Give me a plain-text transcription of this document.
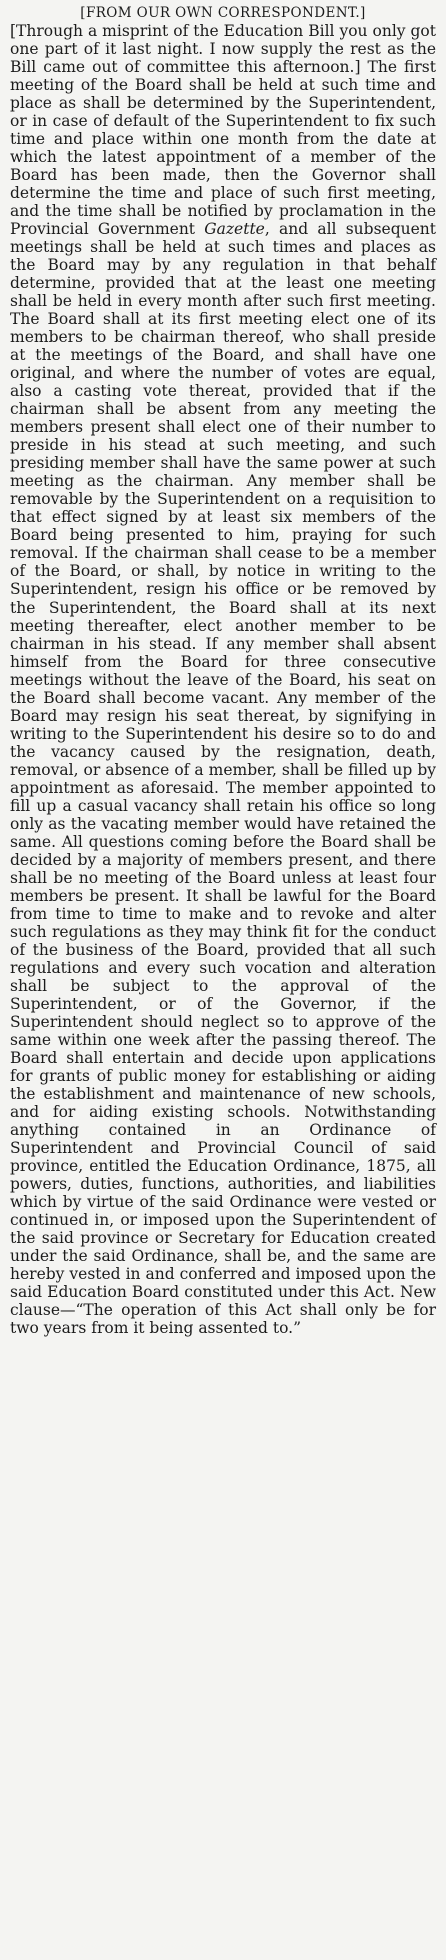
[FROM OUR OWN CORRESPONDENT.]

[Through a misprint of the Education Bill you only got one part of it last night. I now supply the rest as the Bill came out of committee this afternoon.] The first meeting of the Board shall be held at such time and place as shall be determined by the Superintendent, or in case of default of the Superintendent to fix such time and place within one month from the date at which the latest appointment of a member of the Board has been made, then the Governor shall determine the time and place of such first meeting, and the time shall be notified by proclamation in the Provincial Government Gazette, and all subsequent meetings shall be held at such times and places as the Board may by any regulation in that behalf determine, provided that at the least one meeting shall be held in every month after such first meeting. The Board shall at its first meeting elect one of its members to be chairman thereof, who shall preside at the meetings of the Board, and shall have one original, and where the number of votes are equal, also a casting vote thereat, provided that if the chairman shall be absent from any meeting the members present shall elect one of their number to preside in his stead at such meeting, and such presiding member shall have the same power at such meeting as the chairman. Any member shall be removable by the Superintendent on a requisition to that effect signed by at least six members of the Board being presented to him, praying for such removal. If the chairman shall cease to be a member of the Board, or shall, by notice in writing to the Superintendent, resign his office or be removed by the Superintendent, the Board shall at its next meeting thereafter, elect another member to be chairman in his stead. If any member shall absent himself from the Board for three consecutive meetings without the leave of the Board, his seat on the Board shall become vacant. Any member of the Board may resign his seat thereat, by signifying in writing to the Superintendent his desire so to do and the vacancy caused by the resignation, death, removal, or absence of a member, shall be filled up by appointment as aforesaid. The member appointed to fill up a casual vacancy shall retain his office so long only as the vacating member would have retained the same. All questions coming before the Board shall be decided by a majority of members present, and there shall be no meeting of the Board unless at least four members be present. It shall be lawful for the Board from time to time to make and to revoke and alter such regulations as they may think fit for the conduct of the business of the Board, provided that all such regulations and every such vocation and alteration shall be subject to the approval of the Superintendent, or of the Governor, if the Superintendent should neglect so to approve of the same within one week after the passing thereof. The Board shall entertain and decide upon applications for grants of public money for establishing or aiding the establishment and maintenance of new schools, and for aiding existing schools. Notwithstanding anything contained in an Ordinance of Superintendent and Provincial Council of said province, entitled the Education Ordinance, 1875, all powers, duties, functions, authorities, and liabilities which by virtue of the said Ordinance were vested or continued in, or imposed upon the Superintendent of the said province or Secretary for Education created under the said Ordinance, shall be, and the same are hereby vested in and conferred and imposed upon the said Education Board constituted under this Act. New clause—“The operation of this Act shall only be for two years from it being assented to.”
